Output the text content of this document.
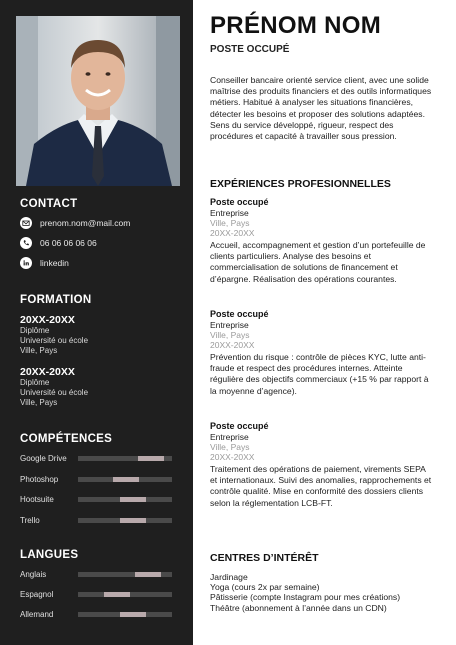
CONTACT
prenom.nom@mail.com
06 06 06 06 06
linkedin
FORMATION
20XX-20XX
Diplôme
Université ou école
Ville, Pays
20XX-20XX
Diplôme
Université ou école
Ville, Pays
COMPÉTENCES
Google Drive
Photoshop
Hootsuite
Trello
LANGUES
Anglais
Espagnol
Allemand
PRÉNOM NOM
POSTE OCCUPÉ
Conseiller bancaire orienté service client, avec une solide maîtrise des produits financiers et des outils informatiques métiers. Habitué à analyser les situations financières, détecter les besoins et proposer des solutions adaptées. Sens du service développé, rigueur, respect des procédures et capacité à travailler sous pression.
EXPÉRIENCES PROFESIONNELLES
Poste occupé
Entreprise
Ville, Pays
20XX-20XX
Accueil, accompagnement et gestion d’un portefeuille de clients particuliers. Analyse des besoins et commercialisation de solutions de financement et d’épargne. Réalisation des opérations courantes.
Poste occupé
Entreprise
Ville, Pays
20XX-20XX
Prévention du risque : contrôle de pièces KYC, lutte anti-fraude et respect des procédures internes. Atteinte régulière des objectifs commerciaux (+15 % par rapport à la moyenne d’agence).
Poste occupé
Entreprise
Ville, Pays
20XX-20XX
Traitement des opérations de paiement, virements SEPA et internationaux. Suivi des anomalies, rapprochements et contrôle qualité. Mise en conformité des dossiers clients selon la réglementation LCB-FT.
CENTRES D’INTÉRÊT
Jardinage
Yoga (cours 2x par semaine)
Pâtisserie (compte Instagram pour mes créations)
Théâtre (abonnement à l’année dans un CDN)
